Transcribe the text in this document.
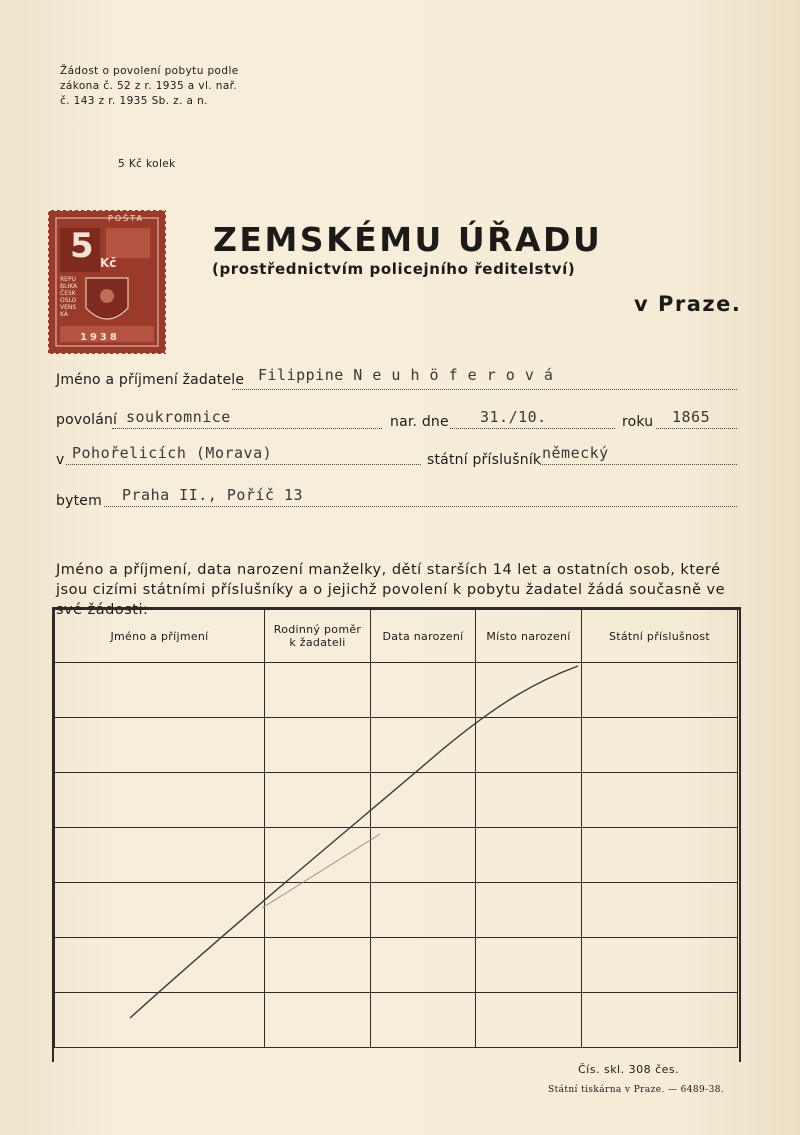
Žádost o povolení pobytu podle
zákona č. 52 z r. 1935 a vl. nař.
č. 143 z r. 1935 Sb. z. a n.
5 Kč kolek
5 Kč
POŠTA
REPUBLIKA ČESKOSLOVENSKÁ
1938
ZEMSKÉMU ÚŘADU
(prostřednictvím policejního ředitelství)
v Praze.
Jméno a příjmení žadatele Filippine N e u h ö f e r o v á
povolání soukromnice	nar. dne 31./10.	roku 1865
v Pohořelicích (Morava)	státní příslušník německý
bytem Praha II., Poříč 13
Jméno a příjmení, data narození manželky, dětí starších 14 let a ostatních osob, které jsou cizími státními příslušníky a o jejichž povolení k pobytu žadatel žádá současně ve své žádosti:
Jméno a příjmení	Rodinný poměr k žadateli	Data narození	Místo narození	Státní příslušnost

Čís. skl. 308 čes.
Státní tiskárna v Praze. — 6489-38.
